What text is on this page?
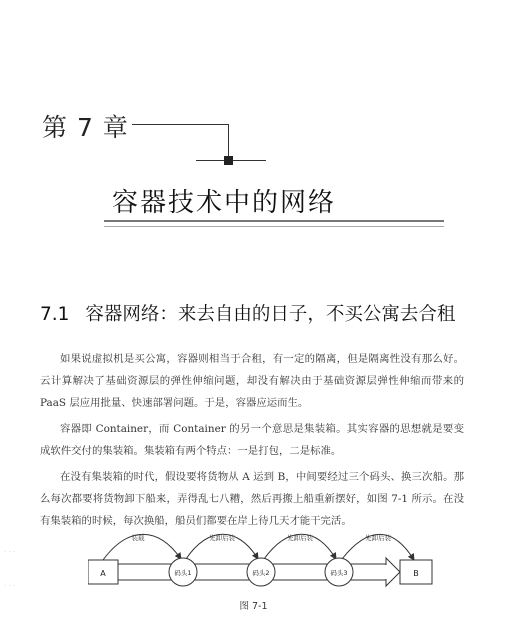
第 7 章
容器技术中的网络
7.1 容器网络：来去自由的日子，不买公寓去合租

如果说虚拟机是买公寓，容器则相当于合租，有一定的隔离，但是隔离性没有那么好。云计算解决了基础资源层的弹性伸缩问题，却没有解决由于基础资源层弹性伸缩而带来的 PaaS 层应用批量、快速部署问题。于是，容器应运而生。

容器即 Container，而 Container 的另一个意思是集装箱。其实容器的思想就是要变成软件交付的集装箱。集装箱有两个特点：一是打包，二是标准。

在没有集装箱的时代，假设要将货物从 A 运到 B，中间要经过三个码头、换三次船。那么每次都要将货物卸下船来，弄得乱七八糟，然后再搬上船重新摆好，如图 7-1 所示。在没有集装箱的时候，每次换船，船员们都要在岸上待几天才能干完活。

· · ·
· · ·
装载	先卸后装	先卸后装	先卸后装
A	码头1	码头2	码头3	B
图 7-1
